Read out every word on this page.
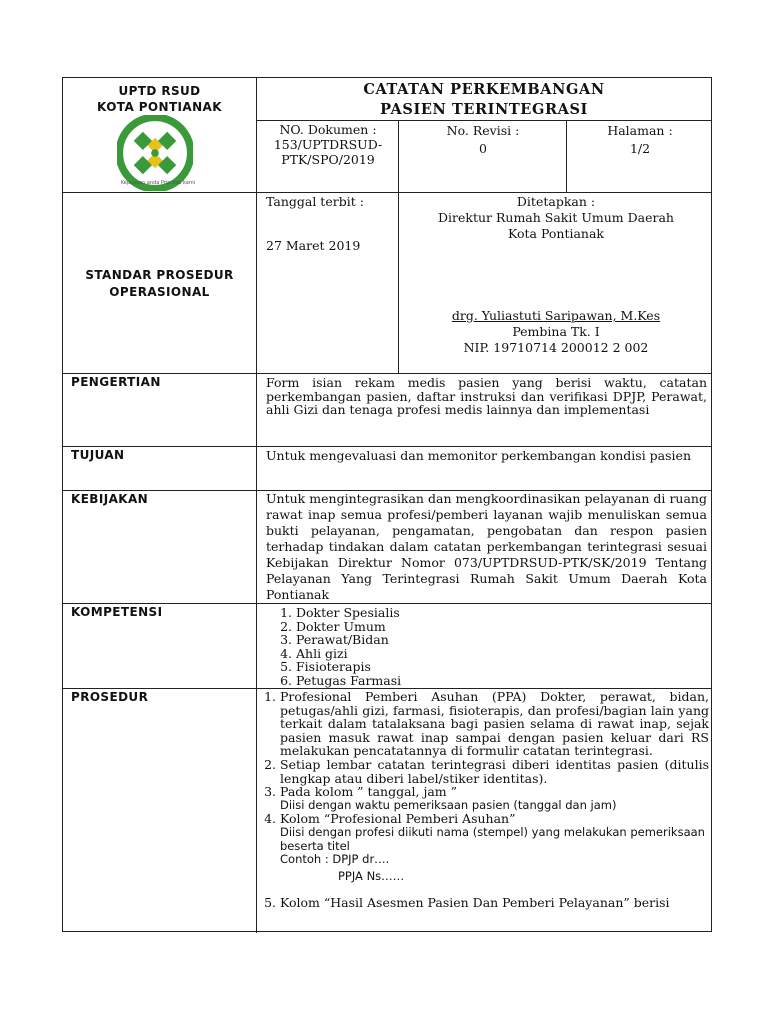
UPTD RSUD
KOTA PONTIANAK
Kepuasan anda Prioritas kami
CATATAN PERKEMBANGAN
PASIEN TERINTEGRASI
NO. Dokumen :
153/UPTDRSUD-PTK/SPO/2019
No. Revisi :
0
Halaman :
1/2
STANDAR PROSEDUR
OPERASIONAL
Tanggal terbit :
27 Maret 2019
Ditetapkan :
Direktur Rumah Sakit Umum Daerah
Kota Pontianak
drg. Yuliastuti Saripawan, M.Kes
Pembina Tk. I
NIP. 19710714 200012 2 002
PENGERTIAN	Form isian rekam medis pasien yang berisi waktu, catatan perkembangan pasien, daftar instruksi dan verifikasi DPJP, Perawat, ahli Gizi dan tenaga profesi medis lainnya dan implementasi
TUJUAN	Untuk mengevaluasi dan memonitor perkembangan kondisi pasien
KEBIJAKAN	Untuk mengintegrasikan dan mengkoordinasikan pelayanan di ruang rawat inap semua profesi/pemberi layanan wajib menuliskan semua bukti pelayanan, pengamatan, pengobatan dan respon pasien terhadap tindakan dalam catatan perkembangan terintegrasi sesuai Kebijakan Direktur Nomor 073/UPTDRSUD-PTK/SK/2019 Tentang Pelayanan Yang Terintegrasi Rumah Sakit Umum Daerah Kota Pontianak
KOMPETENSI	1. Dokter Spesialis
2. Dokter Umum
3. Perawat/Bidan
4. Ahli gizi
5. Fisioterapis
6. Petugas Farmasi
PROSEDUR	1. Profesional Pemberi Asuhan (PPA) Dokter, perawat, bidan, petugas/ahli gizi, farmasi, fisioterapis, dan profesi/bagian lain yang terkait dalam tatalaksana bagi pasien selama di rawat inap, sejak pasien masuk rawat inap sampai dengan pasien keluar dari RS melakukan pencatatannya di formulir catatan terintegrasi.
2. Setiap lembar catatan terintegrasi diberi identitas pasien (ditulis lengkap atau diberi label/stiker identitas).
3. Pada kolom ” tanggal, jam ”
Diisi dengan waktu pemeriksaan pasien (tanggal dan jam)
4. Kolom “Profesional Pemberi Asuhan”
Diisi dengan profesi diikuti nama (stempel) yang melakukan pemeriksaan beserta titel
Contoh : DPJP dr….
PPJA Ns……
5. Kolom “Hasil Asesmen Pasien Dan Pemberi Pelayanan” berisi
